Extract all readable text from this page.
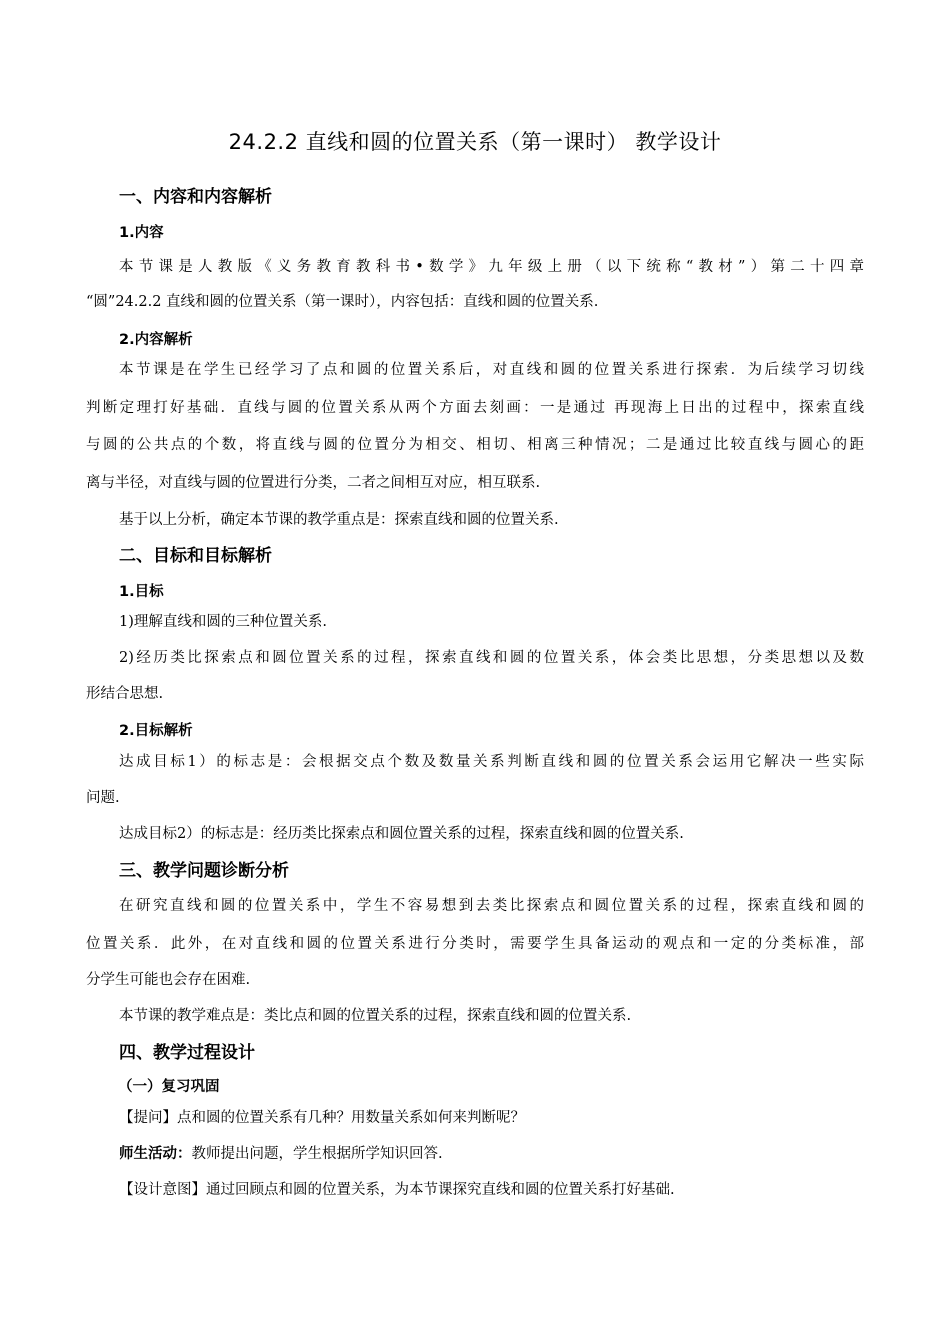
24.2.2 直线和圆的位置关系（第一课时） 教学设计
一、内容和内容解析
1.内容
本节课是人教版《义务教育教科书•数学》九年级上册（以下统称“教材”）第二十四章
“圆”24.2.2 直线和圆的位置关系（第一课时），内容包括：直线和圆的位置关系.
2.内容解析
本节课是在学生已经学习了点和圆的位置关系后，对直线和圆的位置关系进行探索．为后续学习切线
判断定理打好基础．直线与圆的位置关系从两个方面去刻画：一是通过 再现海上日出的过程中，探索直线
与圆的公共点的个数，将直线与圆的位置分为相交、相切、相离三种情况；二是通过比较直线与圆心的距
离与半径，对直线与圆的位置进行分类，二者之间相互对应，相互联系.
基于以上分析，确定本节课的教学重点是：探索直线和圆的位置关系.
二、目标和目标解析
1.目标
1)理解直线和圆的三种位置关系.
2)经历类比探索点和圆位置关系的过程，探索直线和圆的位置关系，体会类比思想，分类思想以及数
形结合思想.
2.目标解析
达成目标1）的标志是：会根据交点个数及数量关系判断直线和圆的位置关系会运用它解决一些实际
问题.
达成目标2）的标志是：经历类比探索点和圆位置关系的过程，探索直线和圆的位置关系.
三、教学问题诊断分析
在研究直线和圆的位置关系中，学生不容易想到去类比探索点和圆位置关系的过程，探索直线和圆的
位置关系．此外，在对直线和圆的位置关系进行分类时，需要学生具备运动的观点和一定的分类标准，部
分学生可能也会存在困难.
本节课的教学难点是：类比点和圆的位置关系的过程，探索直线和圆的位置关系.
四、教学过程设计
（一）复习巩固
【提问】点和圆的位置关系有几种？用数量关系如何来判断呢？
师生活动：教师提出问题，学生根据所学知识回答.
【设计意图】通过回顾点和圆的位置关系，为本节课探究直线和圆的位置关系打好基础.
